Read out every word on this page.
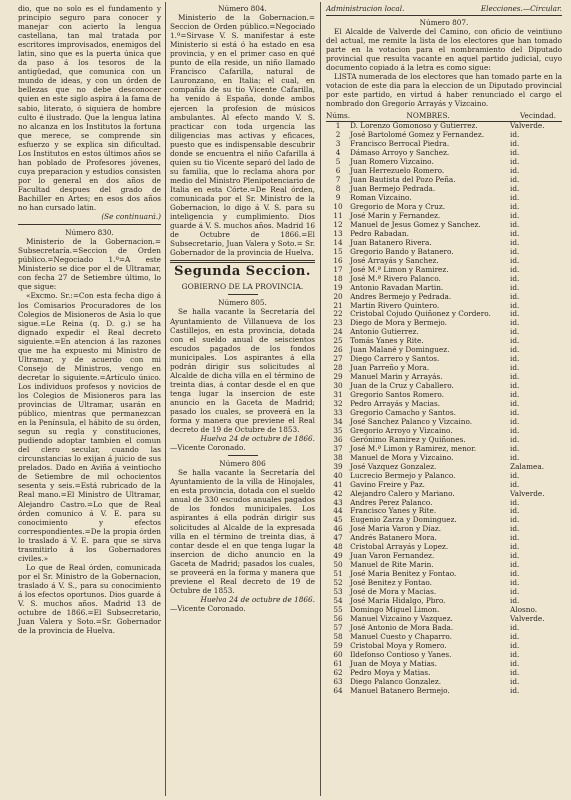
dio, que no solo es el fundamento y principio seguro para conocer y manejar con acierto la lengua castellana, tan mal tratada por escritores improvisados, enemigos del latin, sino que es la puerta única que da paso á los tesoros de la antigüedad, que comunica con un mundo de ideas, y con un órden de bellezas que no debe desconocer quien en este siglo aspira á la fama de sabio, literato, ó siquiera de hombre culto é ilustrado. Que la lengua latina no alcanza en los Institutos la fortuna que merece, se comprende sin esfuerzo y se explica sin dificultad. Los Institutos en estos últimos años se han poblado de Profesores jóvenes, cuya preparacion y estudios consisten por lo general en dos años de Facultad despues del grado de Bachiller en Artes; en esos dos años no han cursado latin.

(Se continuará.)

Número 830.

Ministerio de la Gobernacion.= Subsecretaría.=Seccion de Orden público.=Negociado 1.º=A este Ministerio se dice por el de Ultramar, con fecha 27 de Setiembre último, lo que sigue:

«Excmo. Sr.:=Con esta fecha digo á los Comisarios Procuradores de los Colegios de Misioneros de Asia lo que sigue.=Le Reina (q. D. g.) se ha dignado expedir el Real decreto siguiente.=En atencion á las razones que me ha expuesto mi Ministro de Ultramar, y de acuerdo con mi Consejo de Ministros, vengo en decretar lo siguiente.=Artículo único. Los individuos profesos y novicios de los Colegios de Misioneros para las provincias de Ultramar, usarán en público, mientras que permanezcan en la Península, el hábito de su órden, segun su regla y constituciones, pudiendo adoptar tambien el comun del clero secular, cuando las circunstancias lo exijan á juicio de sus prelados. Dado en Aviña á veintiocho de Setiembre de mil ochocientos sesenta y seis.=Está rubricado de la Real mano.=El Ministro de Ultramar, Alejandro Castro.=Lo que de Real órden comunico á V. E. para su conocimiento y efectos correspondientes.=De la propia órden lo traslado á V. E. para que se sirva trasmitirlo á los Gobernadores civiles.»

Lo que de Real órden, comunicada por el Sr. Ministro de la Gobernacion, traslado á V. S., para su conocimiento á los efectos oportunos. Dios guarde á V. S. muchos años. Madrid 13 de octubre de 1866.=El Subsecretario, Juan Valera y Soto.=Sr. Gobernador de la provincia de Huelva.

Número 804.

Ministerio de la Gobernacion.= Seccion de Orden público.=Negociado 1.º=Sirvase V. S. manifestar á este Ministerio si está ó ha estado en esa provincia, y en el primer caso en qué punto de ella reside, un niño llamado Francisco Cafarilla, natural de Lauronzano, en Italia; el cual, en compañía de su tio Vicente Cafarilla, ha venido á España, donde ambos ejercen la profesion de músicos ambulantes. Al efecto mando V. S. practicar con toda urgencia las diligencias mas activas y eficaces, puesto que es indispensable descubrir donde se encuentra el niño Cafarilla á quien su tio Vicente separó del lado de su familia, que lo reclama ahora por medio del Ministro Plenipotenciario de Italia en esta Córte.=De Real órden, comunicada por el Sr. Ministro de la Gobernacion, lo digo á V. S. para su inteligencia y cumplimiento. Dios guarde á V. S. muchos años. Madrid 16 de Octubre de 1866.=El Subsecretario, Juan Valera y Soto.= Sr. Gobernador de la provincia de Huelva.

Segunda Seccion.
GOBIERNO DE LA PROVINCIA.

Número 805.

Se halla vacante la Secretaría del Ayuntamiento de Villanueva de los Castillejos, en esta provincia, dotada con el sueldo anual de seiscientos escudos pagados de los fondos municipales. Los aspirantes á ella podrán dirigir sus solicitudes al Alcalde de dicha villa en el término de treinta dias, á contar desde el en que tenga lugar la insercion de este anuncio en la Gaceta de Madrid; pasado los cuales, se proveerá en la forma y manera que previene el Real decreto de 19 de Octubre de 1853.

Huelva 24 de octubre de 1866.

—Vicente Coronado.

Número 806

Se halla vacante la Secretaría del Ayuntamiento de la villa de Hinojales, en esta provincia, dotada con el sueldo anual de 330 escudos anuales pagados de los fondos municipales. Los aspirantes á ella podrán dirigir sus solicitudes al Alcalde de la expresada villa en el término de treinta dias, á contar desde el en que tenga lugar la insercion de dicho anuncio en la Gaceta de Madrid; pasados los cuales, se proveerá en la forma y manera que previene el Real decreto de 19 de Octubre de 1853.

Huelva 24 de octubre de 1866.

—Vicente Coronado.

Administracion local.	Elecciones.—Circular.

Número 807.

El Alcalde de Valverde del Camino, con oficio de veintiuno del actual, me remite la lista de los electores que han tomado parte en la votacion para el nombramiento del Diputado provincial que resulta vacante en aquel partido judicial, cuyo documento copiado á la letra es como sigue:

LISTA numerada de los electores que han tomado parte en la votacion de este dia para la eleccion de un Diputado provincial por este partido, en virtud á haber renunciado el cargo el nombrado don Gregorio Arrayás y Vizcaino.

Núms.	NOMBRES.	Vecindad.
1	D. Lorenzo Gomonoso y Gutierrez.	Valverde.
2	José Bartolomé Gomez y Fernandez.	id.
3	Francisco Berrocal Piedra.	id.
4	Dámaso Arroyo y Sanchez.	id.
5	Juan Romero Vizcaino.	id.
6	Juan Herrezuelo Romero.	id.
7	Juan Bautista del Pozo Peña.	id.
8	Juan Bermejo Pedrada.	id.
9	Roman Vizcaino.	id.
10	Gregorio de Mora y Cruz.	id.
11	José Marin y Fernandez.	id.
12	Manuel de Jesus Gomez y Sanchez.	id.
13	Pedro Rabadan.	id.
14	Juan Batanero Rivera.	id.
15	Gregorio Bando y Batanero.	id.
16	José Arrayás y Sanchez.	id.
17	José M.ª Limon y Ramirez.	id.
18	José M.ª Rivero Palanco.	id.
19	Antonio Ravadan Martin.	id.
20	Andres Bermejo y Pedrada.	id.
21	Martin Rivero Quintero.	id.
22	Cristobal Cojudo Quiñonez y Cordero.	id.
23	Diego de Mora y Bermejo.	id.
24	Antonio Gutierrez.	id.
25	Tomás Yanes y Rite.	id.
26	Juan Malané y Dominguez.	id.
27	Diego Carrero y Santos.	id.
28	Juan Parreño y Mora.	id.
29	Manuel Marin y Arrayás.	id.
30	Juan de la Cruz y Caballero.	id.
31	Gregorio Santos Romero.	id.
32	Pedro Arrayás y Macias.	id.
33	Gregorio Camacho y Santos.	id.
34	José Sanchez Palanco y Vizcaino.	id.
35	Gregorio Arroyo y Vizcaino.	id.
36	Gerónimo Ramirez y Quiñones.	id.
37	José M.ª Limon y Ramirez, menor.	id.
38	Manuel de Mora y Vizcaino.	id.
39	José Vazquez Gonzalez.	Zalamea.
40	Lucrecio Bermejo y Palanco.	id.
41	Gavino Freire y Paz.	id.
42	Alejandro Calero y Mariano.	Valverde.
43	Andres Perez Palanco.	id.
44	Francisco Yanes y Rite.	id.
45	Eugenio Zarza y Dominguez.	id.
46	José Maria Varon y Diaz.	id.
47	Andrés Batanero Mora.	id.
48	Cristobal Arrayás y Lopez.	id.
49	Juan Varon Fernandez.	id.
50	Manuel de Rite Marin.	id.
51	José Maria Benitez y Fontao.	id.
52	José Benitez y Fontao.	id.
53	José de Mora y Macias.	id.
54	José Maria Hidalgo, Pbro.	id.
55	Domingo Miguel Limon.	Alosno.
56	Manuel Vizcaino y Vazquez.	Valverde.
57	José Antonio de Mora Bada.	id.
58	Manuel Cuesto y Chaparro.	id.
59	Cristobal Moya y Romero.	id.
60	Ildefonso Contioso y Yanes.	id.
61	Juan de Moya y Matias.	id.
62	Pedro Moya y Matias.	id.
63	Diego Palanco Gonzalez.	id.
64	Manuel Batanero Bermejo.	id.
